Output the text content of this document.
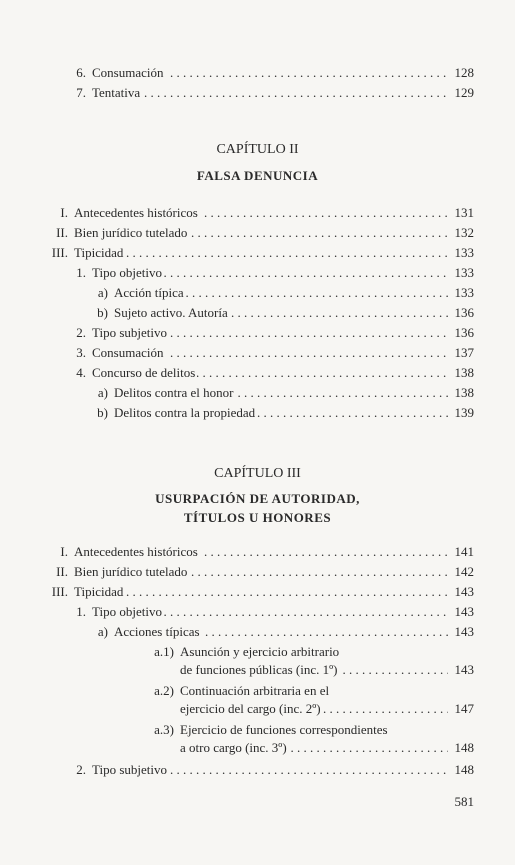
6. Consumación . . .	128
7. Tentativa . . .	129
CAPÍTULO II
FALSA DENUNCIA
I. Antecedentes históricos . . .	131
II. Bien jurídico tutelado . . .	132
III. Tipicidad . . .	133
1. Tipo objetivo . . .	133
a) Acción típica . . .	133
b) Sujeto activo. Autoría . . .	136
2. Tipo subjetivo . . .	136
3. Consumación . . .	137
4. Concurso de delitos . . .	138
a) Delitos contra el honor . . .	138
b) Delitos contra la propiedad . . .	139
CAPÍTULO III
USURPACIÓN DE AUTORIDAD,
TÍTULOS U HONORES
I. Antecedentes históricos . . .	141
II. Bien jurídico tutelado . . .	142
III. Tipicidad . . .	143
1. Tipo objetivo . . .	143
a) Acciones típicas . . .	143
a.1) Asunción y ejercicio arbitrario
de funciones públicas (inc. 1º) . . .	143
a.2) Continuación arbitraria en el
ejercicio del cargo (inc. 2º) . . .	147
a.3) Ejercicio de funciones correspondientes
a otro cargo (inc. 3º) . . .	148
2. Tipo subjetivo . . .	148
581
